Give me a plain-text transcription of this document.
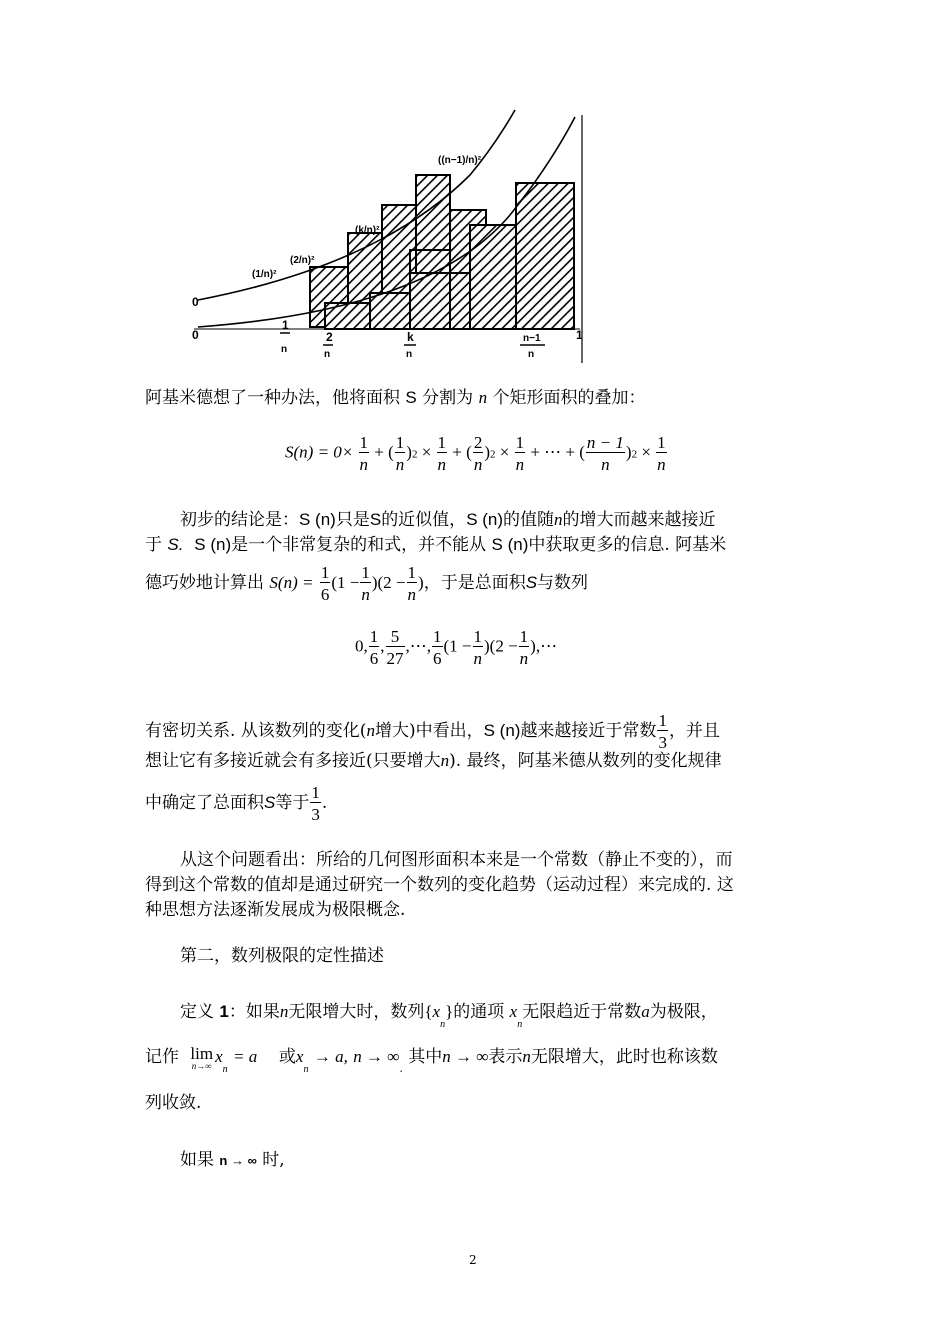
0
0
1
n
2
n
k
n
n−1
n
1
(1/n)²
(2/n)²
(k/n)²
((n−1)/n)²
阿基米德想了一种办法，他将面积 S 分割为 n 个矩形面积的叠加：
$S(n) = 0\times \frac{1}{n}$ + ( $\frac{1}{n} )2 \times \frac{1}{n}$ + ( $\frac{2}{n} )2 \times \frac{1}{n}$ + ⋯ + ( $\frac{n - 1}{n} )2 \times \frac{1}{n}$
初步的结论是：S (n)只是S的近似值，S (n)的值随n的增大而越来越接近
于 S. S (n)是一个非常复杂的和式，并不能从 S (n)中获取更多的信息. 阿基米
德巧妙地计算出 $S(n) = \frac{1}{6} (1 - \frac{1}{n} )(2 - \frac{1}{n}$ )，于是总面积S与数列
0, $\frac{1}{6}$ , $\frac{5}{27}$ ,⋯, $\frac{1}{6} (1 - \frac{1}{n} )(2 - \frac{1}{n}$ ),⋯
有密切关系. 从该数列的变化(n增大)中看出，S (n)越来越接近于常数 $\frac{1}{3}$ ，并且
想让它有多接近就会有多接近(只要增大n). 最终，阿基米德从数列的变化规律
中确定了总面积S等于 $\frac{1}{3}$ .
从这个问题看出：所给的几何图形面积本来是一个常数（静止不变的），而
得到这个常数的值却是通过研究一个数列的变化趋势（运动过程）来完成的. 这
种思想方法逐渐发展成为极限概念.
第二，数列极限的定性描述
定义 1：如果n无限增大时，数列$\{x_n\}$的通项 $x_n$无限趋近于常数a为极限，
记作 lim
n→∞ $x_n = a$ 或$x_n \to a$, $n \to \infty_.$ 其中n → ∞表示n无限增大，此时也称该数
列收敛.
如果 n → ∞ 时,
2
